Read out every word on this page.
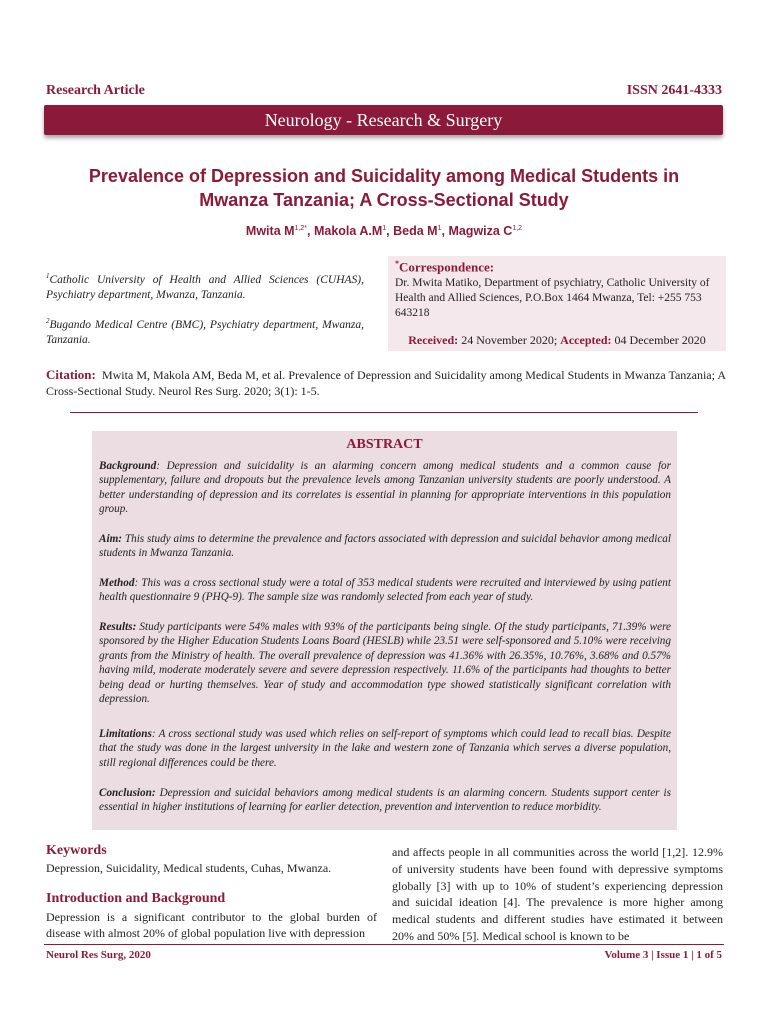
Research Article	ISSN 2641-4333
Neurology - Research & Surgery
Prevalence of Depression and Suicidality among Medical Students in
Mwanza Tanzania; A Cross-Sectional Study
Mwita $M^{1,2*}$, Makola $A.M^1$, Beda $M^1$, Magwiza C$^{1,2}$
$^1$Catholic University of Health and Allied Sciences (CUHAS), Psychiatry department, Mwanza, Tanzania.
$^2$Bugando Medical Centre (BMC), Psychiatry department, Mwanza, Tanzania.
*Correspondence:
Dr. Mwita Matiko, Department of psychiatry, Catholic University of Health and Allied Sciences, P.O.Box 1464 Mwanza, Tel: +255 753 643218
Received: 24 November 2020; Accepted: 04 December 2020
Citation: Mwita M, Makola AM, Beda M, et al. Prevalence of Depression and Suicidality among Medical Students in Mwanza Tanzania; A Cross-Sectional Study. Neurol Res Surg. 2020; 3(1): 1-5.
ABSTRACT

Background: Depression and suicidality is an alarming concern among medical students and a common cause for supplementary, failure and dropouts but the prevalence levels among Tanzanian university students are poorly understood. A better understanding of depression and its correlates is essential in planning for appropriate interventions in this population group.

Aim: This study aims to determine the prevalence and factors associated with depression and suicidal behavior among medical students in Mwanza Tanzania.

Method: This was a cross sectional study were a total of 353 medical students were recruited and interviewed by using patient health questionnaire 9 (PHQ-9). The sample size was randomly selected from each year of study.

Results: Study participants were 54% males with 93% of the participants being single. Of the study participants, 71.39% were sponsored by the Higher Education Students Loans Board (HESLB) while 23.51 were self-sponsored and 5.10% were receiving grants from the Ministry of health. The overall prevalence of depression was 41.36% with 26.35%, 10.76%, 3.68% and 0.57% having mild, moderate moderately severe and severe depression respectively. 11.6% of the participants had thoughts to better being dead or hurting themselves. Year of study and accommodation type showed statistically significant correlation with depression.

Limitations: A cross sectional study was used which relies on self-report of symptoms which could lead to recall bias. Despite that the study was done in the largest university in the lake and western zone of Tanzania which serves a diverse population, still regional differences could be there.

Conclusion: Depression and suicidal behaviors among medical students is an alarming concern. Students support center is essential in higher institutions of learning for earlier detection, prevention and intervention to reduce morbidity.

Keywords
Depression, Suicidality, Medical students, Cuhas, Mwanza.
Introduction and Background
Depression is a significant contributor to the global burden of disease with almost 20% of global population live with depression
and affects people in all communities across the world [1,2]. 12.9% of university students have been found with depressive symptoms globally [3] with up to 10% of student’s experiencing depression and suicidal ideation [4]. The prevalence is more higher among medical students and different studies have estimated it between 20% and 50% [5]. Medical school is known to be
Neurol Res Surg, 2020	Volume 3 | Issue 1 | 1 of 5
